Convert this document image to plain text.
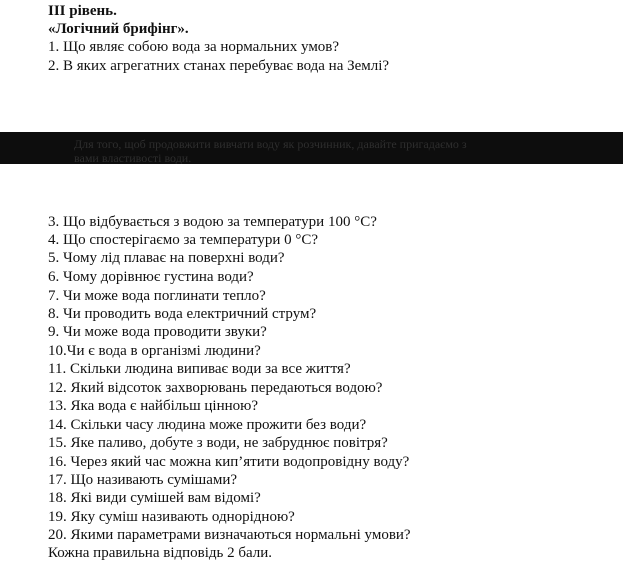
III рівень.
«Логічний брифінг».
1. Що являє собою вода за нормальних умов?
2. В яких агрегатних станах перебуває вода на Землі?
Для того, щоб продовжити вивчати воду як розчинник, давайте пригадаємо з
вами властивості води.
3. Що відбувається з водою за температури 100 °С?
4. Що спостерігаємо за температури 0 °С?
5. Чому лід плаває на поверхні води?
6. Чому дорівнює густина води?
7. Чи може вода поглинати тепло?
8. Чи проводить вода електричний струм?
9. Чи може вода проводити звуки?
10.Чи є вода в організмі людини?
11. Скільки людина випиває води за все життя?
12. Який відсоток захворювань передаються водою?
13. Яка вода є найбільш цінною?
14. Скільки часу людина може прожити без води?
15. Яке паливо, добуте з води, не забруднює повітря?
16. Через який час можна кип’ятити водопровідну воду?
17. Що називають сумішами?
18. Які види сумішей вам відомі?
19. Яку суміш називають однорідною?
20. Якими параметрами визначаються нормальні умови?
Кожна правильна відповідь 2 бали.
